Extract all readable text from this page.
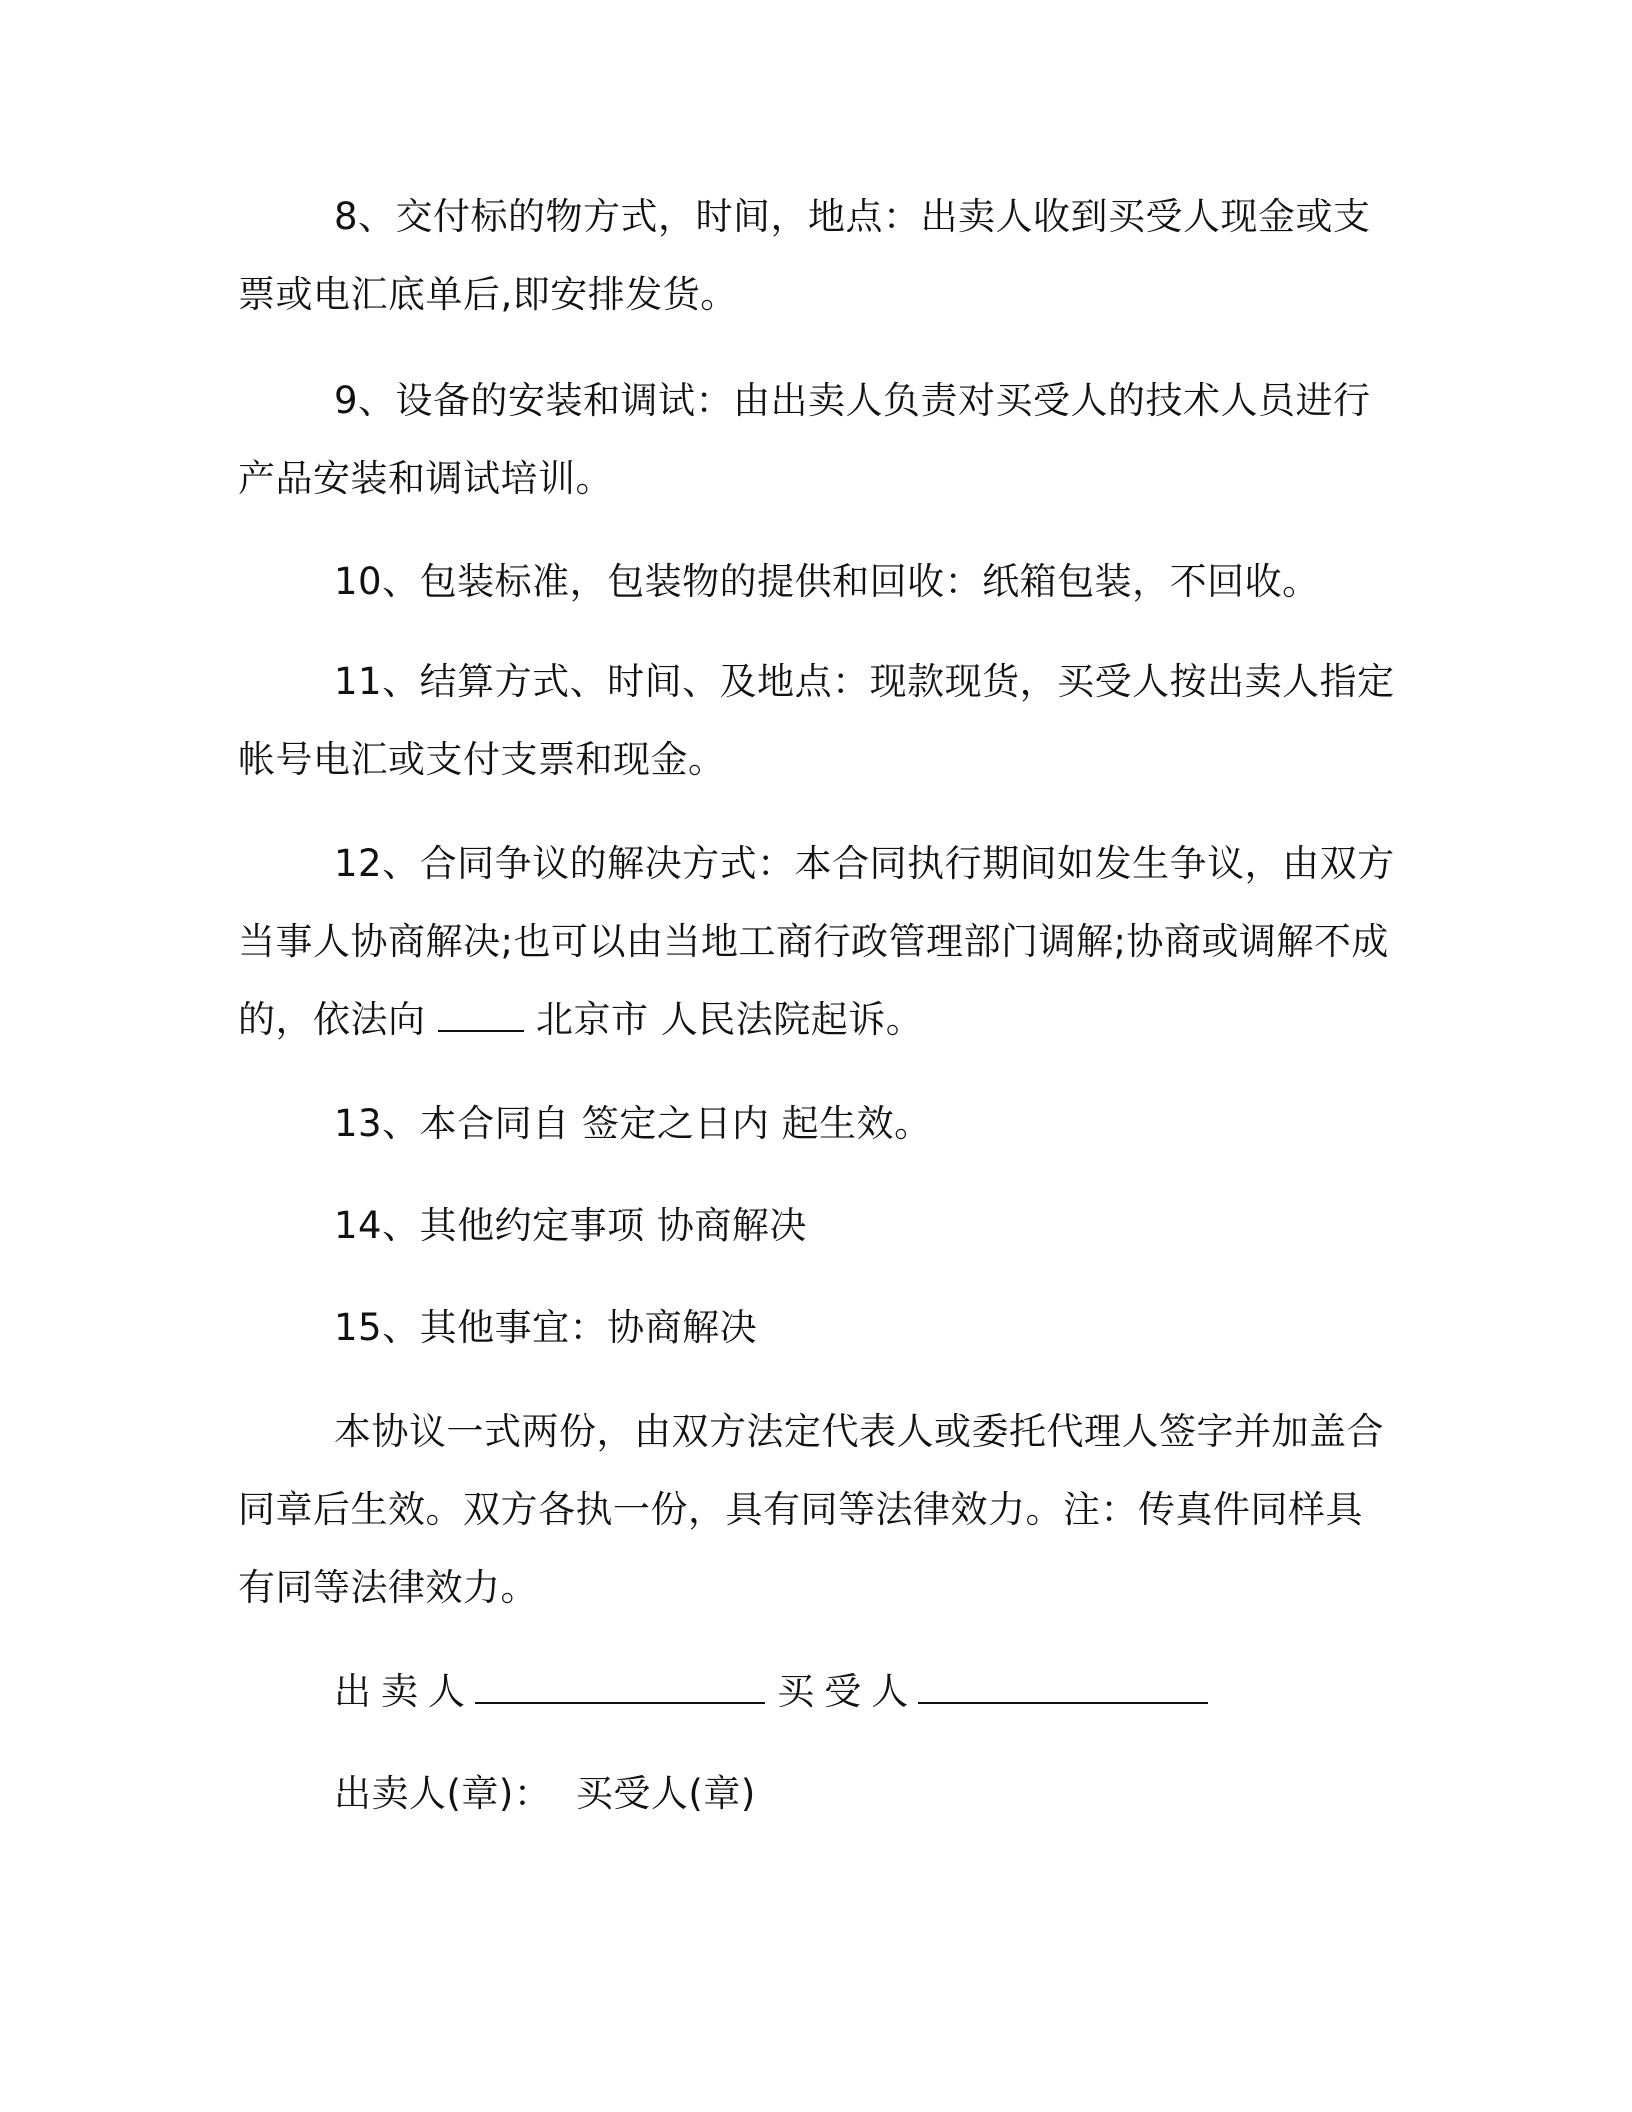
8、交付标的物方式，时间，地点：出卖人收到买受人现金或支
票或电汇底单后,即安排发货。
9、设备的安装和调试：由出卖人负责对买受人的技术人员进行
产品安装和调试培训。
10、包装标准，包装物的提供和回收：纸箱包装，不回收。
11、结算方式、时间、及地点：现款现货，买受人按出卖人指定
帐号电汇或支付支票和现金。
12、合同争议的解决方式：本合同执行期间如发生争议，由双方
当事人协商解决;也可以由当地工商行政管理部门调解;协商或调解不成
的，依法向	北京市 人民法院起诉。
13、本合同自 签定之日内 起生效。
14、其他约定事项 协商解决
15、其他事宜：协商解决
本协议一式两份，由双方法定代表人或委托代理人签字并加盖合
同章后生效。双方各执一份，具有同等法律效力。注：传真件同样具
有同等法律效力。
出卖人	买受人
出卖人(章)：  买受人(章)
